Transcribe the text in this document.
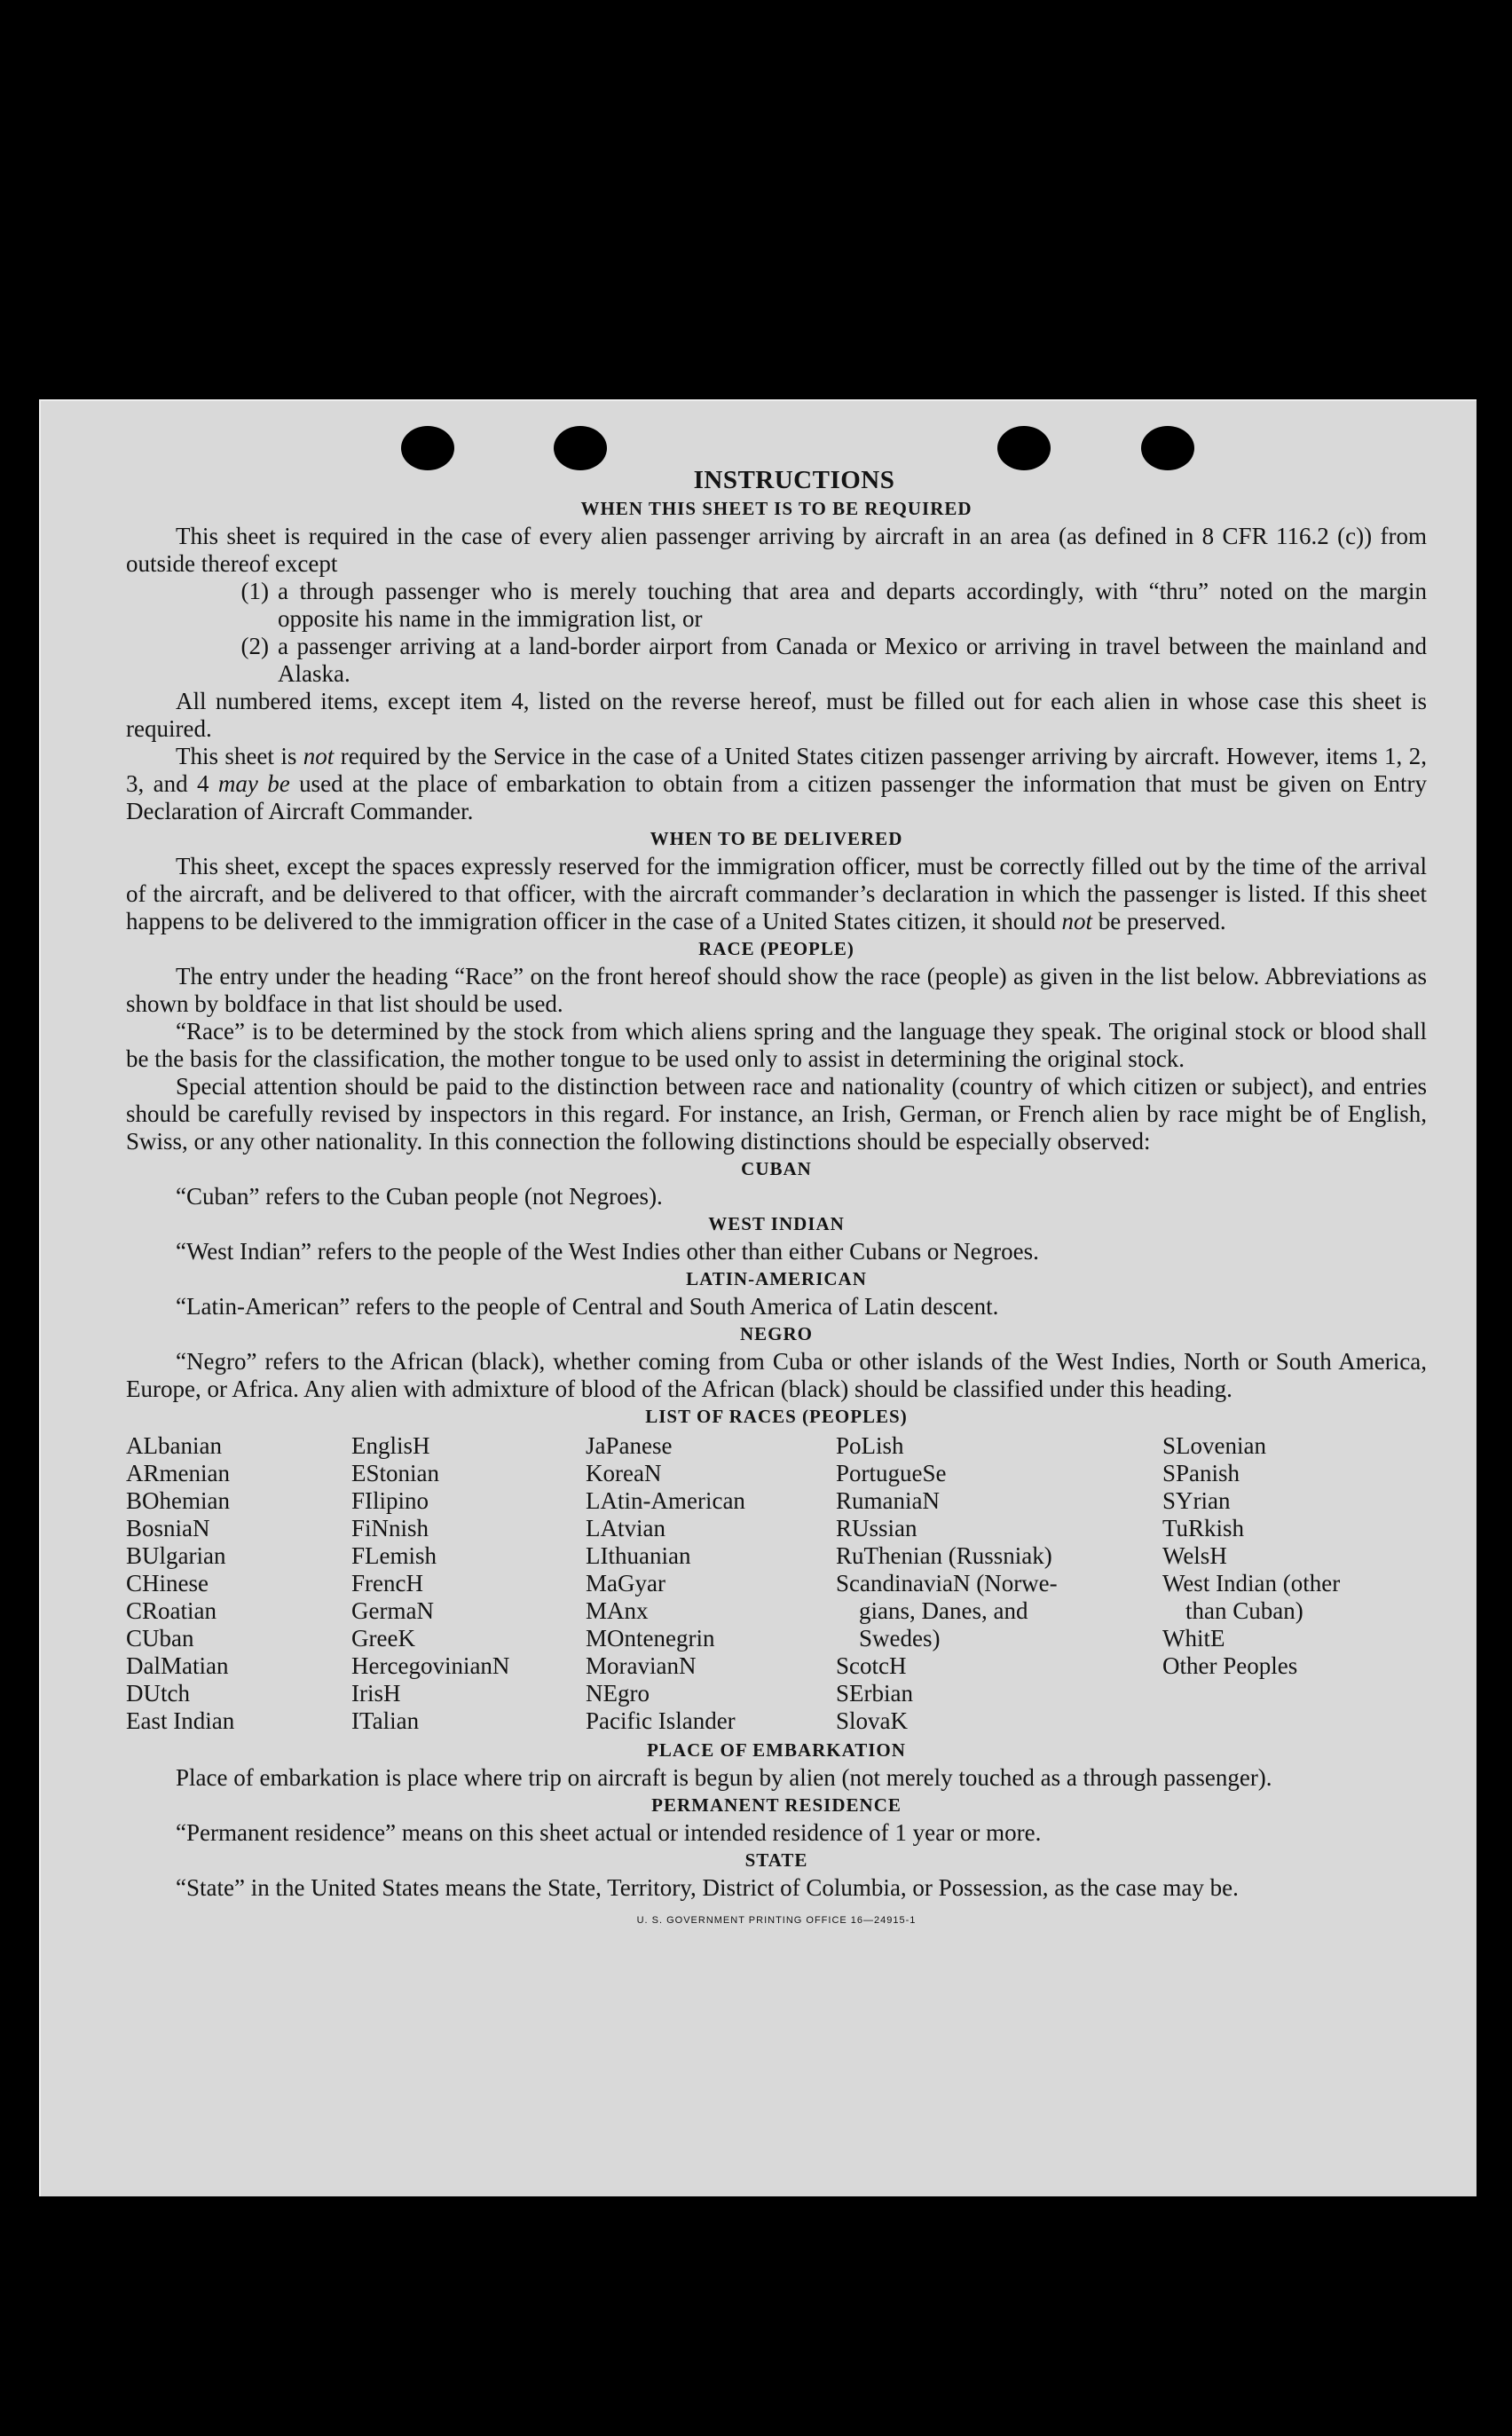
INSTRUCTIONS
WHEN THIS SHEET IS TO BE REQUIRED

This sheet is required in the case of every alien passenger arriving by aircraft in an area (as defined in 8 CFR 116.2 (c)) from outside thereof except

(1) a through passenger who is merely touching that area and departs accordingly, with “thru” noted on the margin opposite his name in the immigration list, or
(2) a passenger arriving at a land-border airport from Canada or Mexico or arriving in travel between the mainland and Alaska.

All numbered items, except item 4, listed on the reverse hereof, must be filled out for each alien in whose case this sheet is required.

This sheet is not required by the Service in the case of a United States citizen passenger arriving by aircraft. However, items 1, 2, 3, and 4 may be used at the place of embarkation to obtain from a citizen passenger the information that must be given on Entry Declaration of Aircraft Commander.

WHEN TO BE DELIVERED

This sheet, except the spaces expressly reserved for the immigration officer, must be correctly filled out by the time of the arrival of the aircraft, and be delivered to that officer, with the aircraft commander’s declaration in which the passenger is listed. If this sheet happens to be delivered to the immigration officer in the case of a United States citizen, it should not be preserved.

RACE (PEOPLE)

The entry under the heading “Race” on the front hereof should show the race (people) as given in the list below. Abbreviations as shown by boldface in that list should be used.

“Race” is to be determined by the stock from which aliens spring and the language they speak. The original stock or blood shall be the basis for the classification, the mother tongue to be used only to assist in determining the original stock.

Special attention should be paid to the distinction between race and nationality (country of which citizen or subject), and entries should be carefully revised by inspectors in this regard. For instance, an Irish, German, or French alien by race might be of English, Swiss, or any other nationality. In this connection the following distinctions should be especially observed:

CUBAN

“Cuban” refers to the Cuban people (not Negroes).

WEST INDIAN

“West Indian” refers to the people of the West Indies other than either Cubans or Negroes.

LATIN-AMERICAN

“Latin-American” refers to the people of Central and South America of Latin descent.

NEGRO

“Negro” refers to the African (black), whether coming from Cuba or other islands of the West Indies, North or South America, Europe, or Africa. Any alien with admixture of blood of the African (black) should be classified under this heading.

LIST OF RACES (PEOPLES)
ALbanian
ARmenian
BOhemian
BosniaN
BUlgarian
CHinese
CRoatian
CUban
DalMatian
DUtch
East Indian
EnglisH
EStonian
FIlipino
FiNnish
FLemish
FrencH
GermaN
GreeK
HercegovinianN
IrisH
ITalian
JaPanese
KoreaN
LAtin-American
LAtvian
LIthuanian
MaGyar
MAnx
MOntenegrin
MoravianN
NEgro
Pacific Islander
PoLish
PortugueSe
RumaniaN
RUssian
RuThenian (Russniak)
ScandinaviaN (Norwe-
gians, Danes, and
Swedes)
ScotcH
SErbian
SlovaK
SLovenian
SPanish
SYrian
TuRkish
WelsH
West Indian (other
than Cuban)
WhitE
Other Peoples
PLACE OF EMBARKATION

Place of embarkation is place where trip on aircraft is begun by alien (not merely touched as a through passenger).

PERMANENT RESIDENCE

“Permanent residence” means on this sheet actual or intended residence of 1 year or more.

STATE

“State” in the United States means the State, Territory, District of Columbia, or Possession, as the case may be.

U. S. GOVERNMENT PRINTING OFFICE 16—24915-1
